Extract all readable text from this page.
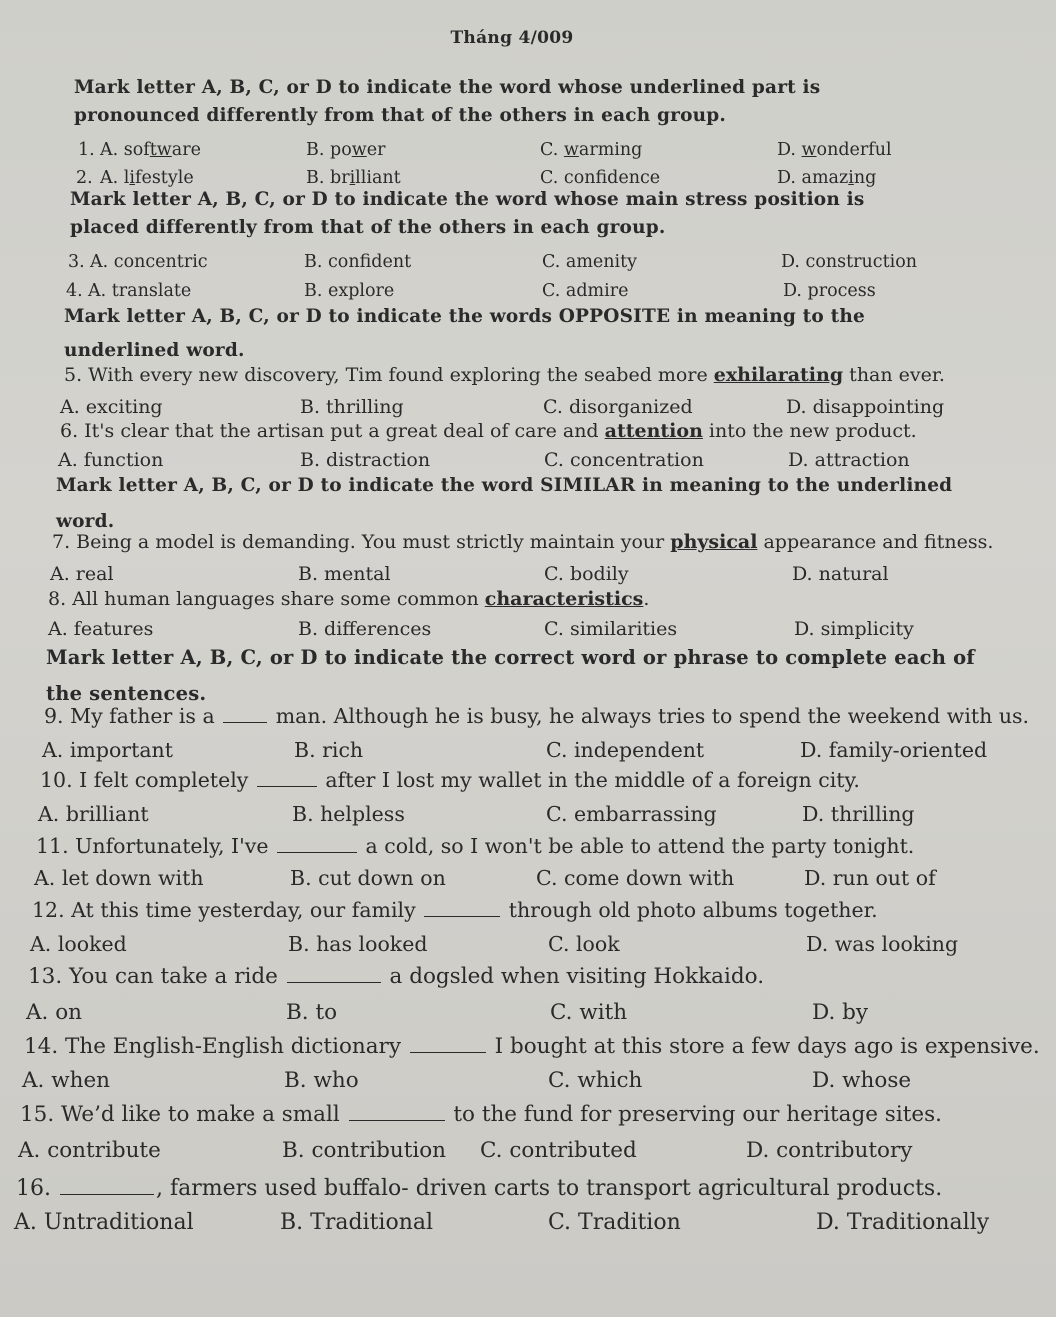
Tháng 4/009
Mark letter A, B, C, or D to indicate the word whose underlined part is pronounced differently from that of the others in each group.
1. A. software	B. power	C. warming	D. wonderful
2. A. lifestyle	B. brilliant	C. confdence	D. amazing
Mark letter A, B, C, or D to indicate the word whose main stress position is placed differently from that of the others in each group.
3. A. concentric	B. confident	C. amenity	D. construction
4. A. translate	B. explore	C. admire	D. process
Mark letter A, B, C, or D to indicate the words OPPOSITE in meaning to the underlined word.
5. With every new discovery, Tim found exploring the seabed more exhilarating than ever.
A. exciting	B. thrilling	C. disorganized	D. disappointing
6. It's clear that the artisan put a great deal of care and attention into the new product.
A. function	B. distraction	C. concentration	D. attraction
Mark letter A, B, C, or D to indicate the word SIMILAR in meaning to the underlined word.
7. Being a model is demanding. You must strictly maintain your physical appearance and fitness.
A. real	B. mental	C. bodily	D. natural
8. All human languages share some common characteristics.
A. features	B. differences	C. similarities	D. simplicity
Mark letter A, B, C, or D to indicate the correct word or phrase to complete each of the sentences.
9. My father is a  man. Although he is busy, he always tries to spend the weekend with us.
A. important	B. rich	C. independent	D. family-oriented
10. I felt completely	after I lost my wallet in the middle of a foreign city.
A. brilliant	B. helpless	C. embarrassing	D. thrilling
11. Unfortunately, I've	a cold, so I won't be able to attend the party tonight.
A. let down with	B. cut down on	C. come down with	D. run out of
12. At this time yesterday, our family	through old photo albums together.
A. looked	B. has looked	C. look	D. was looking
13. You can take a ride	a dogsled when visiting Hokkaido.
A. on	B. to	C. with	D. by
14. The English-English dictionary	I bought at this store a few days ago is expensive.
A. when	B. who	C. which	D. whose
15. We’d like to make a small	to the fund for preserving our heritage sites.
A. contribute	B. contribution C. contributed	D. contributory
16.	, farmers used buffalo- driven carts to transport agricultural products.
A. Untraditional	B. Traditional	C. Tradition	D. Traditionally
